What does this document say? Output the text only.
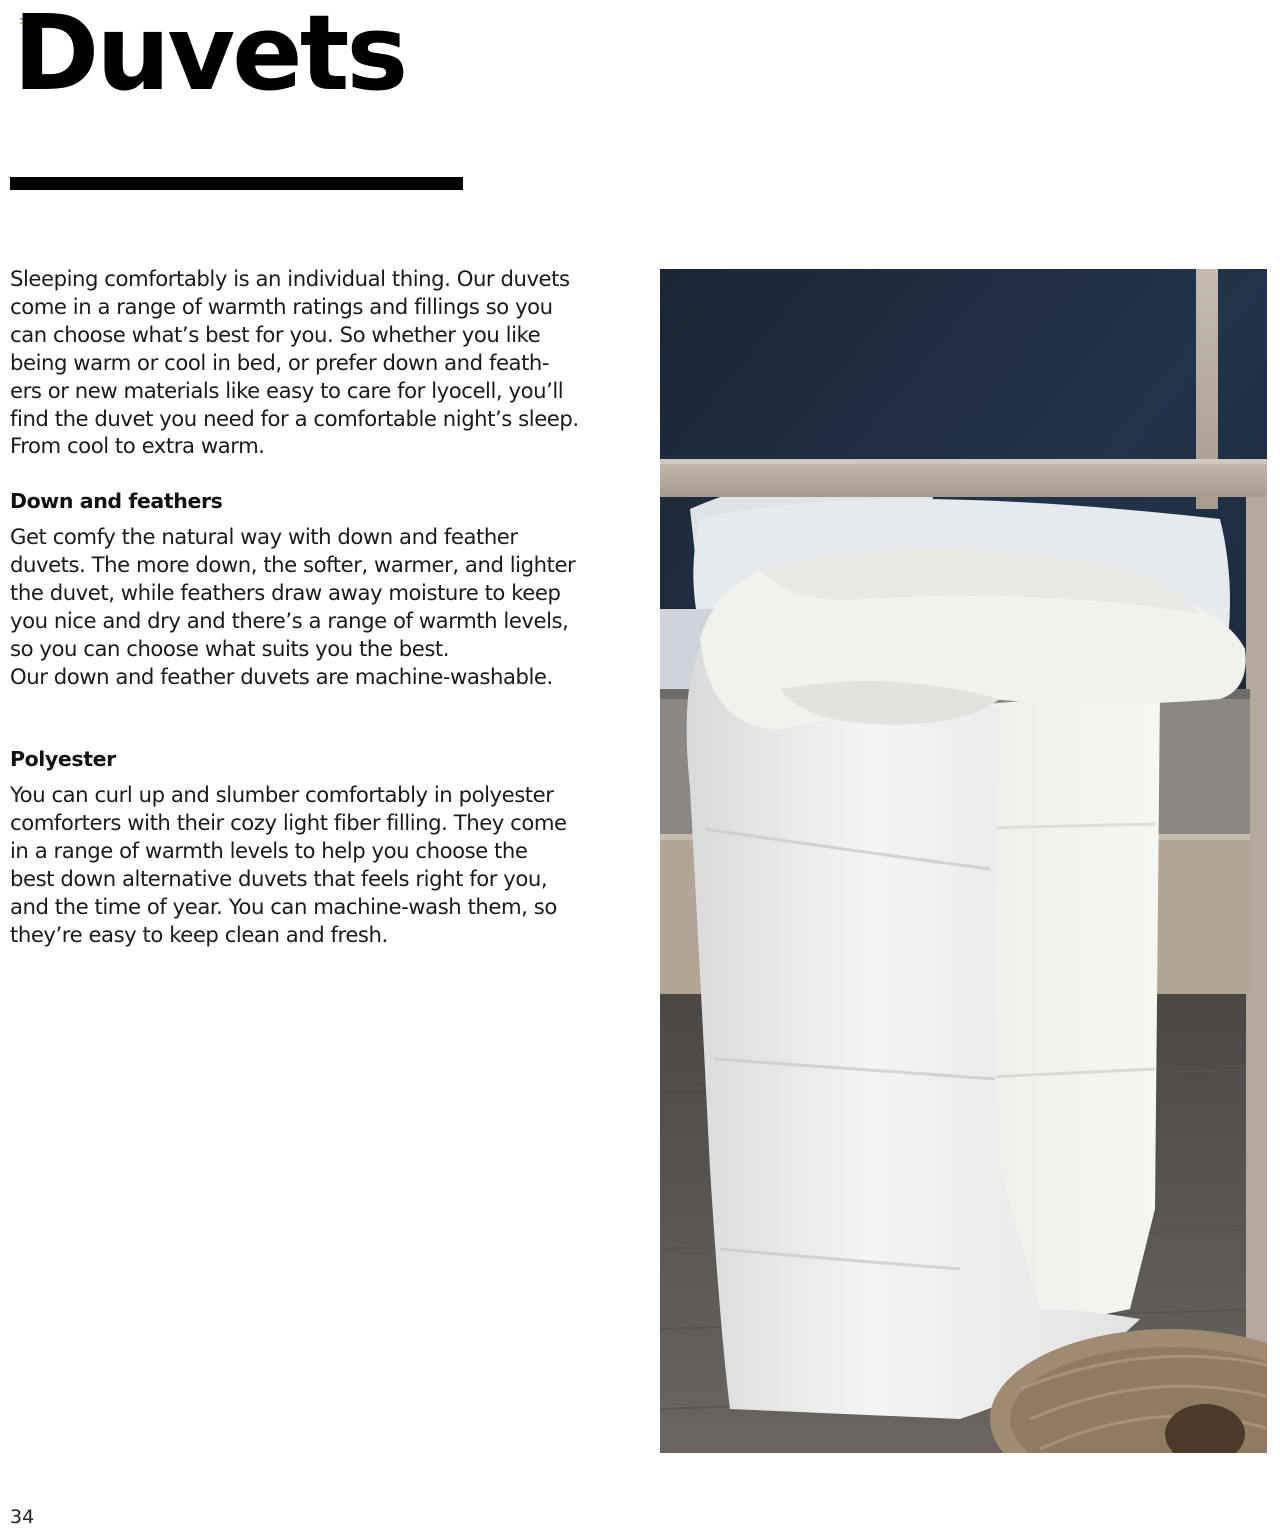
Duvets

Sleeping comfortably is an individual thing. Our duvets

come in a range of warmth ratings and fillings so you

can choose what’s best for you. So whether you like

being warm or cool in bed, or prefer down and feath-

ers or new materials like easy to care for lyocell, you’ll

find the duvet you need for a comfortable night’s sleep.

From cool to extra warm.

Down and feathers

Get comfy the natural way with down and feather

duvets. The more down, the softer, warmer, and lighter

the duvet, while feathers draw away moisture to keep

you nice and dry and there’s a range of warmth levels,

so you can choose what suits you the best.

Our down and feather duvets are machine-washable.

Polyester

You can curl up and slumber comfortably in polyester

comforters with their cozy light fiber filling. They come

in a range of warmth levels to help you choose the

best down alternative duvets that feels right for you,

and the time of year. You can machine-wash them, so

they’re easy to keep clean and fresh.

34
